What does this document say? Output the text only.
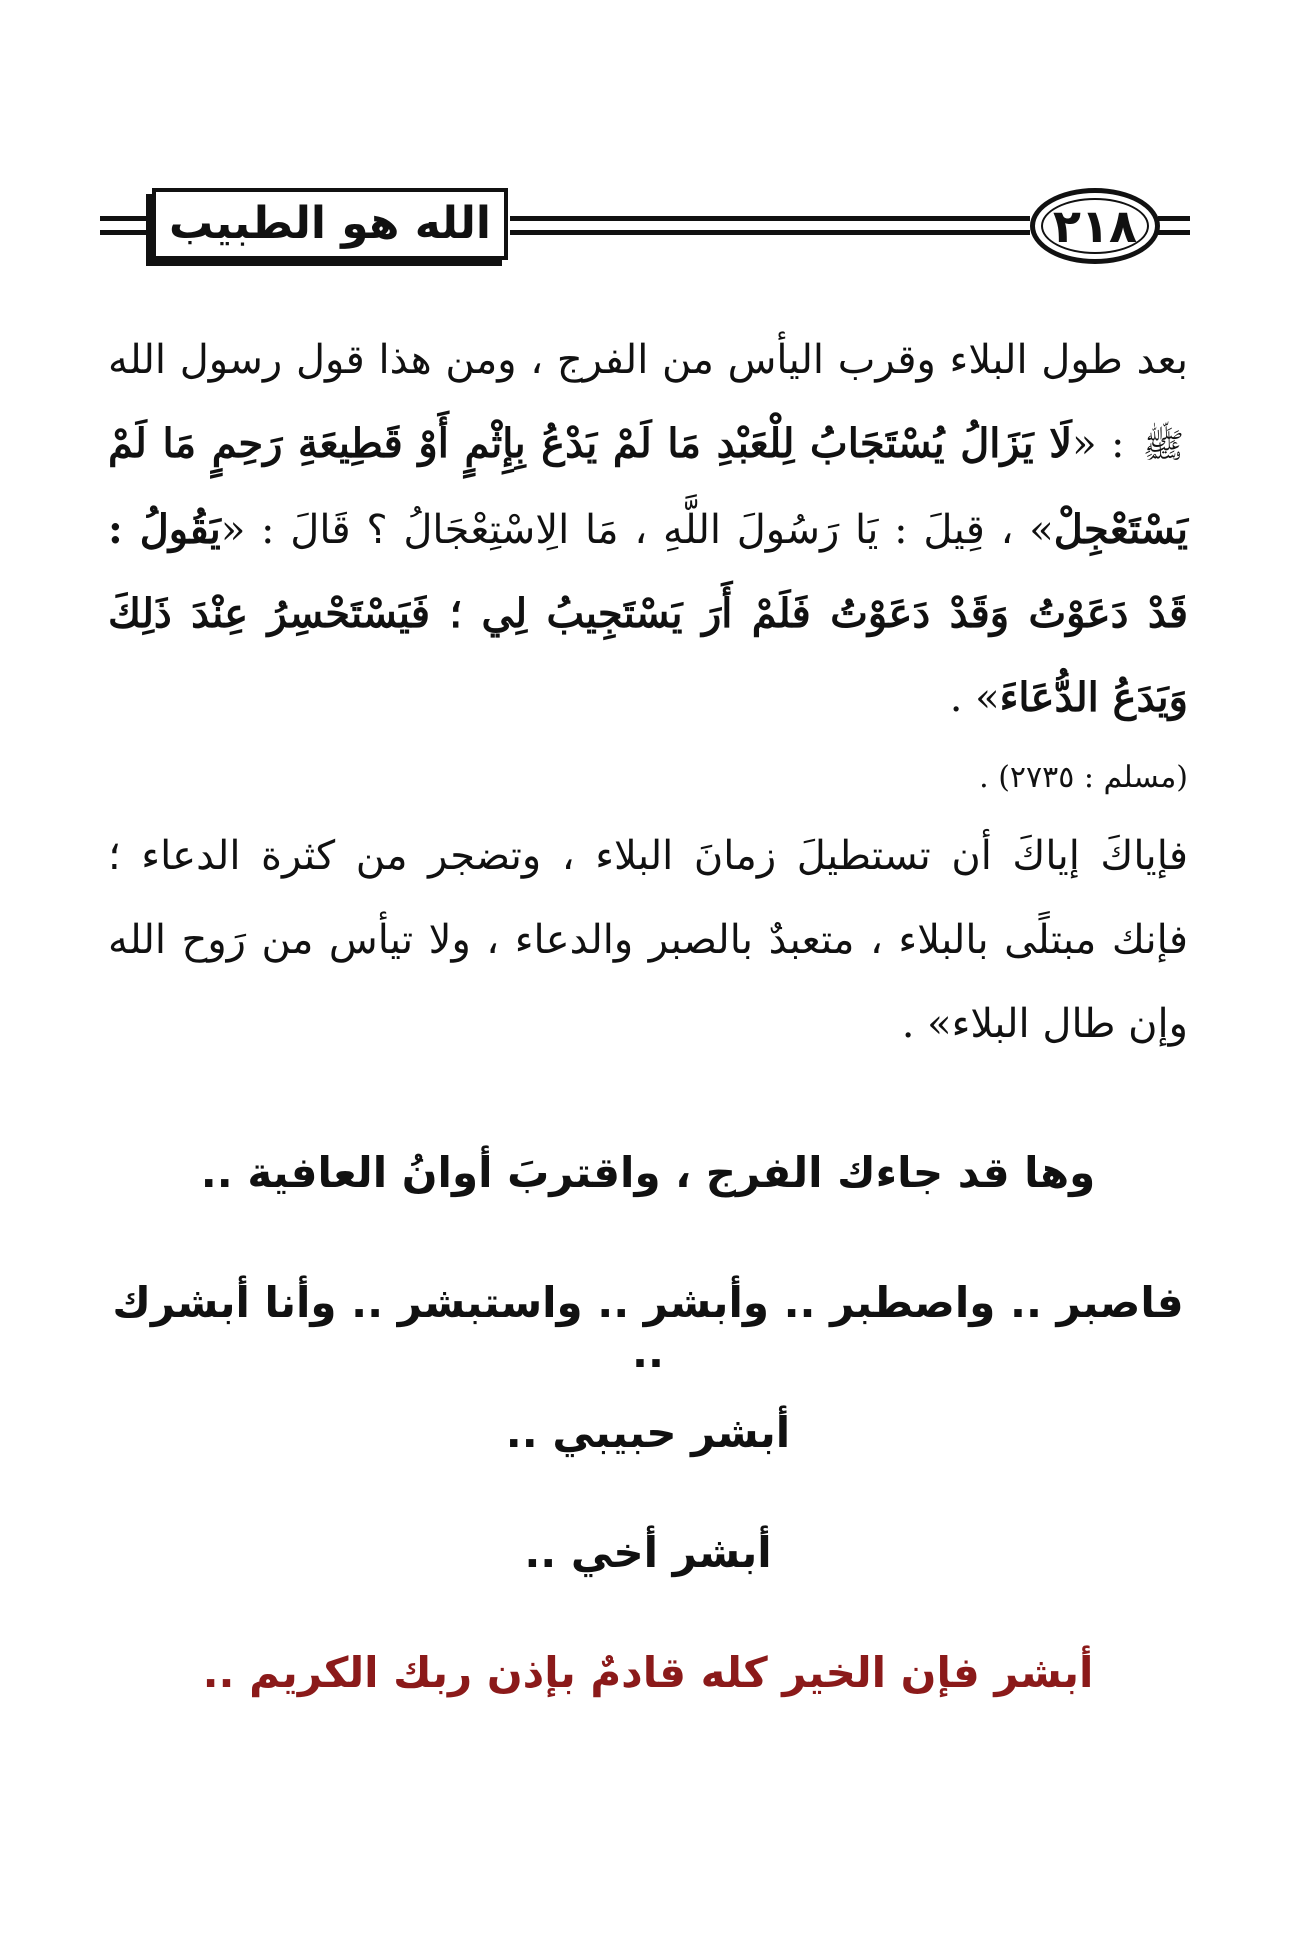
الله هو الطبيب	٢١٨

بعد طول البلاء وقرب اليأس من الفرج ، ومن هذا قول رسول الله ﷺ : «لَا يَزَالُ يُسْتَجَابُ لِلْعَبْدِ مَا لَمْ يَدْعُ بِإِثْمٍ أَوْ قَطِيعَةِ رَحِمٍ مَا لَمْ يَسْتَعْجِلْ» ، قِيلَ : يَا رَسُولَ اللَّهِ ، مَا الِاسْتِعْجَالُ ؟ قَالَ : «يَقُولُ : قَدْ دَعَوْتُ وَقَدْ دَعَوْتُ فَلَمْ أَرَ يَسْتَجِيبُ لِي ؛ فَيَسْتَحْسِرُ عِنْدَ ذَلِكَ وَيَدَعُ الدُّعَاءَ» .

(مسلم : ٢٧٣٥) .

فإياكَ إياكَ أن تستطيلَ زمانَ البلاء ، وتضجر من كثرة الدعاء ؛ فإنك مبتلًى بالبلاء ، متعبدٌ بالصبر والدعاء ، ولا تيأس من رَوح الله وإن طال البلاء» .

وها قد جاءك الفرج ، واقتربَ أوانُ العافية ..
فاصبر .. واصطبر .. وأبشر .. واستبشر .. وأنا أبشرك ..
أبشر حبيبي ..
أبشر أخي ..
أبشر فإن الخير كله قادمٌ بإذن ربك الكريم ..
